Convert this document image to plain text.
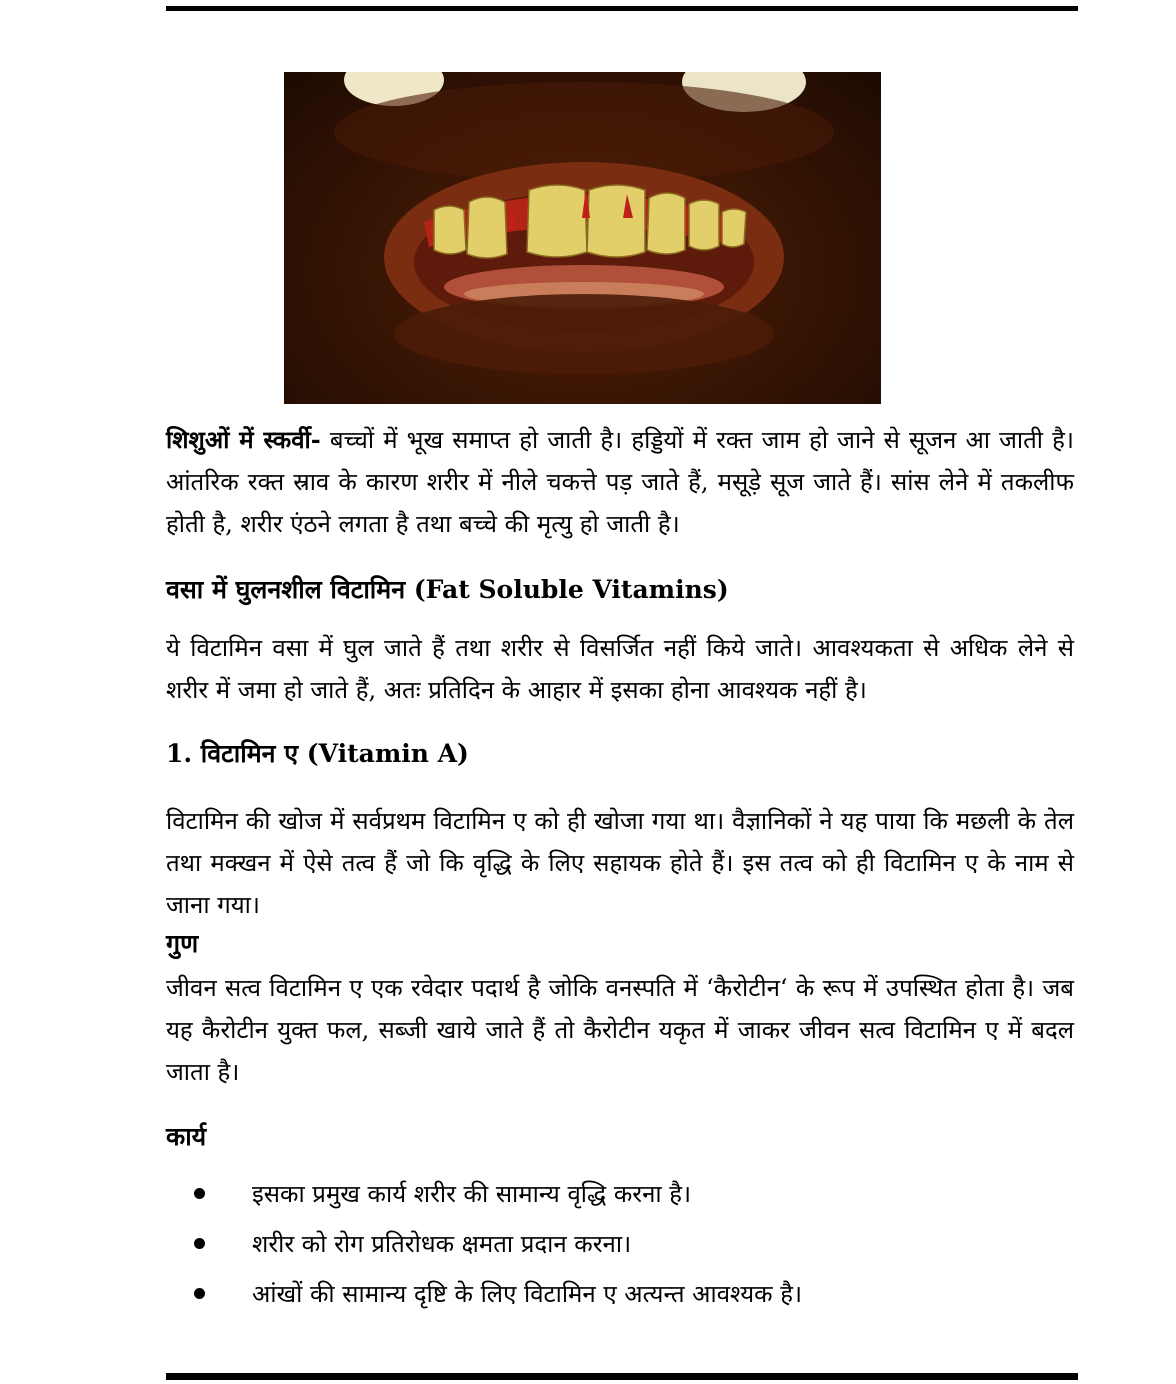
शिशुओं में स्कर्वी- बच्चों में भूख समाप्त हो जाती है। हड्डियों में रक्त जाम हो जाने से सूजन आ जाती है। आंतरिक रक्त स्राव के कारण शरीर में नीले चकत्ते पड़ जाते हैं, मसूड़े सूज जाते हैं। सांस लेने में तकलीफ होती है, शरीर एंठने लगता है तथा बच्चे की मृत्यु हो जाती है।
वसा में घुलनशील विटामिन (Fat Soluble Vitamins)
ये विटामिन वसा में घुल जाते हैं तथा शरीर से विसर्जित नहीं किये जाते। आवश्यकता से अधिक लेने से शरीर में जमा हो जाते हैं, अतः प्रतिदिन के आहार में इसका होना आवश्यक नहीं है।
1. विटामिन ए (Vitamin A)
विटामिन की खोज में सर्वप्रथम विटामिन ए को ही खोजा गया था। वैज्ञानिकों ने यह पाया कि मछली के तेल तथा मक्खन में ऐसे तत्व हैं जो कि वृद्धि के लिए सहायक होते हैं। इस तत्व को ही विटामिन ए के नाम से जाना गया।
गुण
जीवन सत्व विटामिन ए एक रवेदार पदार्थ है जोकि वनस्पति में ‘कैरोटीन‘ के रूप में उपस्थित होता है। जब यह कैरोटीन युक्त फल, सब्जी खाये जाते हैं तो कैरोटीन यकृत में जाकर जीवन सत्व विटामिन ए में बदल जाता है।
कार्य
इसका प्रमुख कार्य शरीर की सामान्य वृद्धि करना है।
शरीर को रोग प्रतिरोधक क्षमता प्रदान करना।
आंखों की सामान्य दृष्टि के लिए विटामिन ए अत्यन्त आवश्यक है।
